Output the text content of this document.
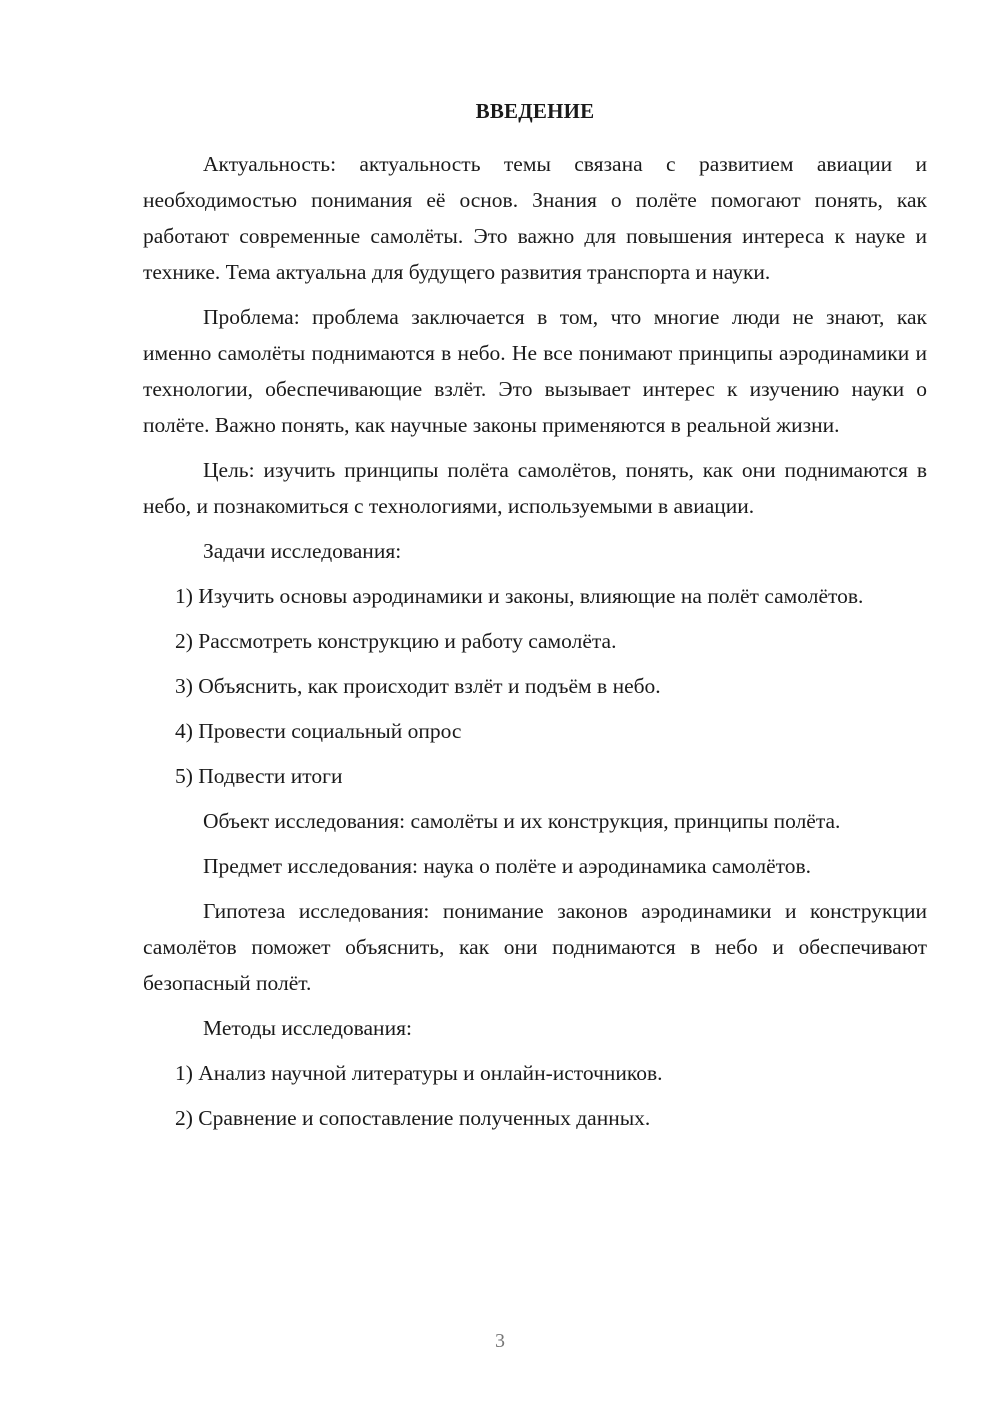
ВВЕДЕНИЕ

Актуальность: актуальность темы связана с развитием авиации и необходимостью понимания её основ. Знания о полёте помогают понять, как работают современные самолёты. Это важно для повышения интереса к науке и технике. Тема актуальна для будущего развития транспорта и науки.

Проблема: проблема заключается в том, что многие люди не знают, как именно самолёты поднимаются в небо. Не все понимают принципы аэродинамики и технологии, обеспечивающие взлёт. Это вызывает интерес к изучению науки о полёте. Важно понять, как научные законы применяются в реальной жизни.

Цель: изучить принципы полёта самолётов, понять, как они поднимаются в небо, и познакомиться с технологиями, используемыми в авиации.

Задачи исследования:

1) Изучить основы аэродинамики и законы, влияющие на полёт самолётов.

2) Рассмотреть конструкцию и работу самолёта.

3) Объяснить, как происходит взлёт и подъём в небо.

4) Провести социальный опрос

5) Подвести итоги

Объект исследования: самолёты и их конструкция, принципы полёта.

Предмет исследования: наука о полёте и аэродинамика самолётов.

Гипотеза исследования: понимание законов аэродинамики и конструкции самолётов поможет объяснить, как они поднимаются в небо и обеспечивают безопасный полёт.

Методы исследования:

1) Анализ научной литературы и онлайн-источников.

2) Сравнение и сопоставление полученных данных.

3
